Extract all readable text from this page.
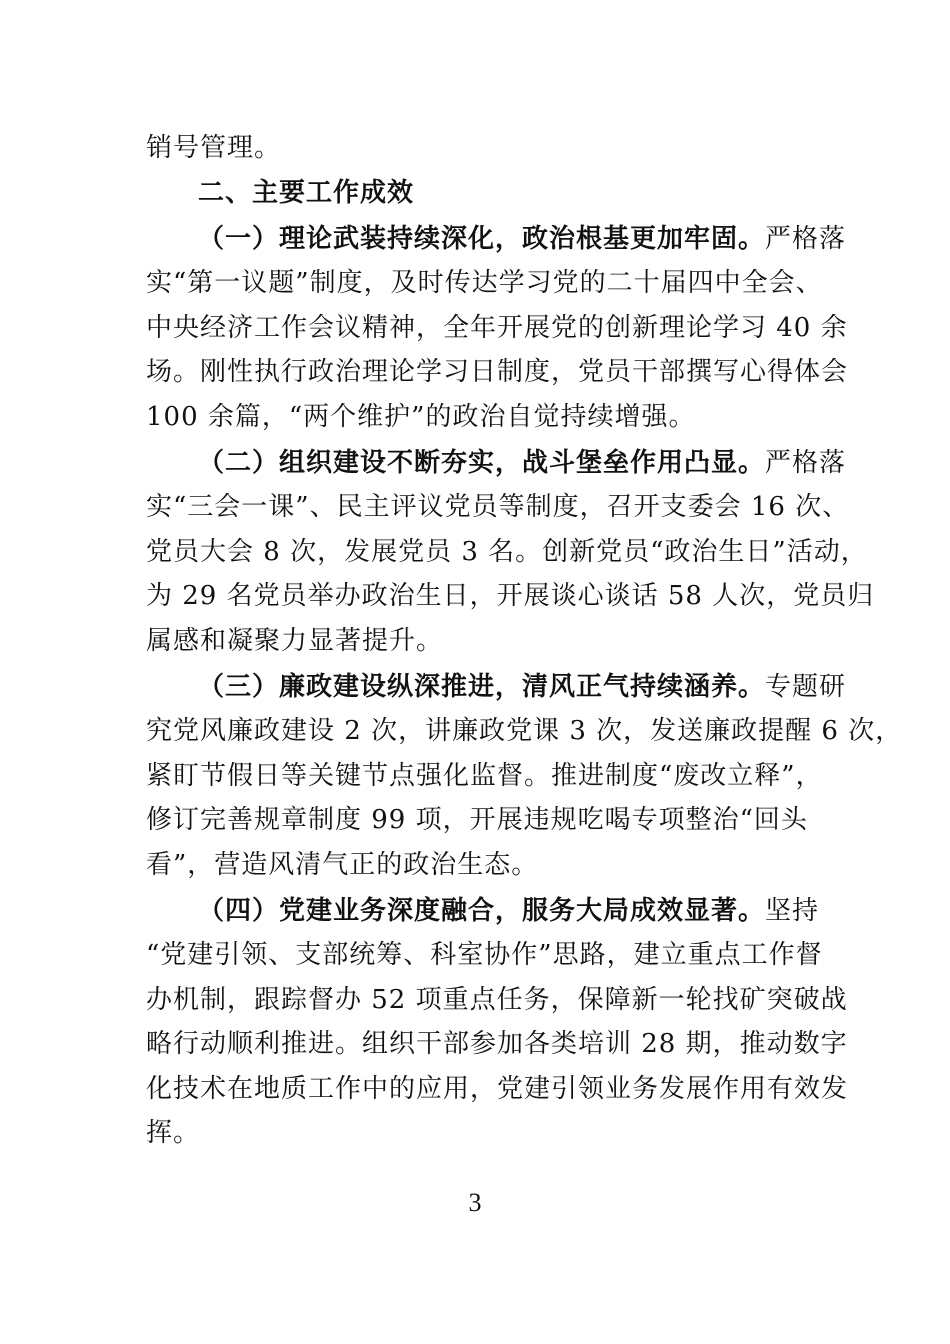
销号管理。
二、主要工作成效
（一）理论武装持续深化，政治根基更加牢固。严格落
实“第一议题”制度，及时传达学习党的二十届四中全会、
中央经济工作会议精神，全年开展党的创新理论学习 40 余
场。刚性执行政治理论学习日制度，党员干部撰写心得体会
100 余篇，“两个维护”的政治自觉持续增强。
（二）组织建设不断夯实，战斗堡垒作用凸显。严格落
实“三会一课”、民主评议党员等制度，召开支委会 16 次、
党员大会 8 次，发展党员 3 名。创新党员“政治生日”活动，
为 29 名党员举办政治生日，开展谈心谈话 58 人次，党员归
属感和凝聚力显著提升。
（三）廉政建设纵深推进，清风正气持续涵养。专题研
究党风廉政建设 2 次，讲廉政党课 3 次，发送廉政提醒 6 次，
紧盯节假日等关键节点强化监督。推进制度“废改立释”，
修订完善规章制度 99 项，开展违规吃喝专项整治“回头
看”，营造风清气正的政治生态。
（四）党建业务深度融合，服务大局成效显著。坚持
“党建引领、支部统筹、科室协作”思路，建立重点工作督
办机制，跟踪督办 52 项重点任务，保障新一轮找矿突破战
略行动顺利推进。组织干部参加各类培训 28 期，推动数字
化技术在地质工作中的应用，党建引领业务发展作用有效发
挥。
3
